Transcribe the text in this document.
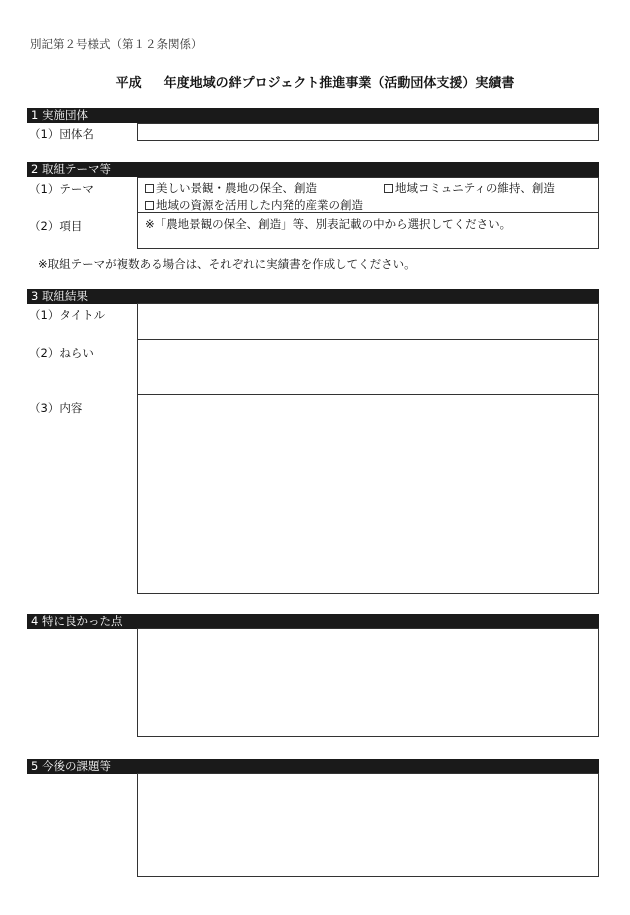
別記第２号様式（第１２条関係）
平成 年度地域の絆プロジェクト推進事業（活動団体支援）実績書
1 実施団体
（1）団体名
2 取組テーマ等
（1）テーマ	美しい景観・農地の保全、創造	地域コミュニティの維持、創造
地域の資源を活用した内発的産業の創造
（2）項目	※「農地景観の保全、創造」等、別表記載の中から選択してください。
※取組テーマが複数ある場合は、それぞれに実績書を作成してください。
3 取組結果
（1）タイトル
（2）ねらい
（3）内容
4 特に良かった点
5 今後の課題等
